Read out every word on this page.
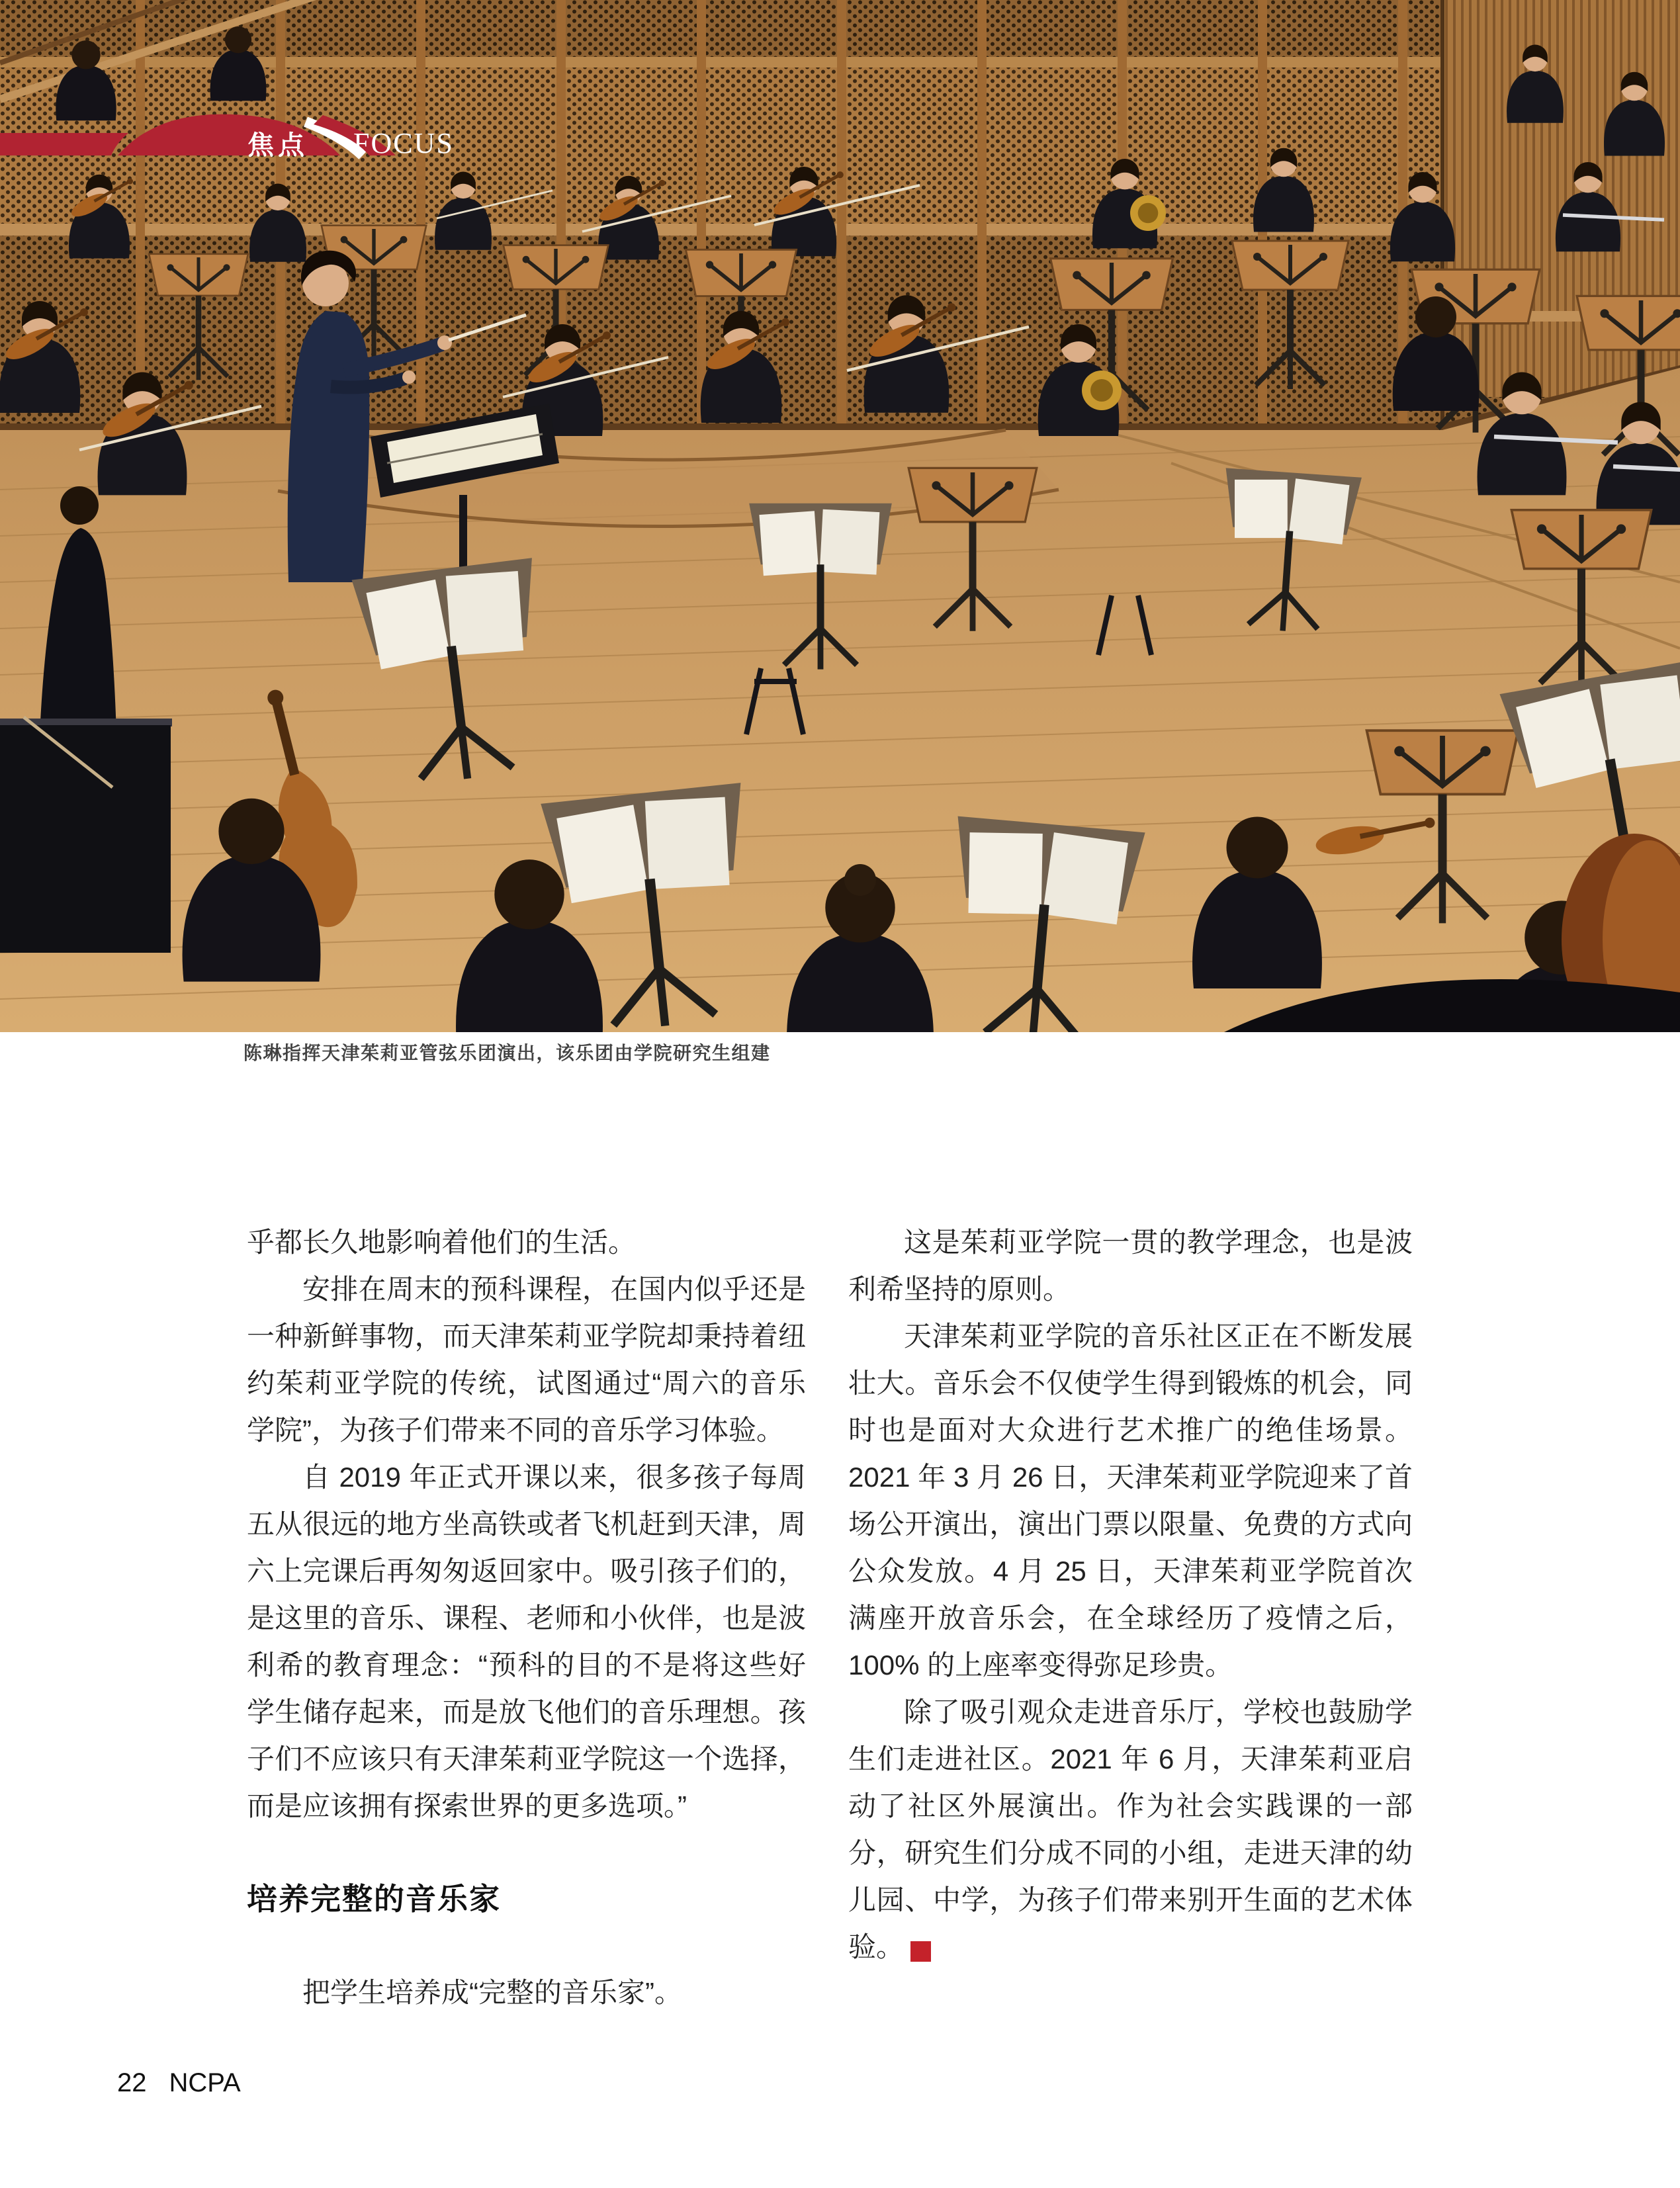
焦点 FOCUS
陈琳指挥天津茱莉亚管弦乐团演出，该乐团由学院研究生组建

乎都长久地影响着他们的生活。

安排在周末的预科课程，在国内似乎还是一种新鲜事物，而天津茱莉亚学院却秉持着纽约茱莉亚学院的传统，试图通过“周六的音乐学院”，为孩子们带来不同的音乐学习体验。

自 2019 年正式开课以来，很多孩子每周五从很远的地方坐高铁或者飞机赶到天津，周六上完课后再匆匆返回家中。吸引孩子们的，是这里的音乐、课程、老师和小伙伴，也是波利希的教育理念：“预科的目的不是将这些好学生储存起来，而是放飞他们的音乐理想。孩子们不应该只有天津茱莉亚学院这一个选择，而是应该拥有探索世界的更多选项。”

培养完整的音乐家

把学生培养成“完整的音乐家”。

这是茱莉亚学院一贯的教学理念，也是波利希坚持的原则。

天津茱莉亚学院的音乐社区正在不断发展壮大。音乐会不仅使学生得到锻炼的机会，同时也是面对大众进行艺术推广的绝佳场景。2021 年 3 月 26 日，天津茱莉亚学院迎来了首场公开演出，演出门票以限量、免费的方式向公众发放。4 月 25 日，天津茱莉亚学院首次满座开放音乐会，在全球经历了疫情之后，100% 的上座率变得弥足珍贵。

除了吸引观众走进音乐厅，学校也鼓励学生们走进社区。2021 年 6 月，天津茱莉亚启动了社区外展演出。作为社会实践课的一部分，研究生们分成不同的小组，走进天津的幼儿园、中学，为孩子们带来别开生面的艺术体验。	NC
PA

22 NCPA
